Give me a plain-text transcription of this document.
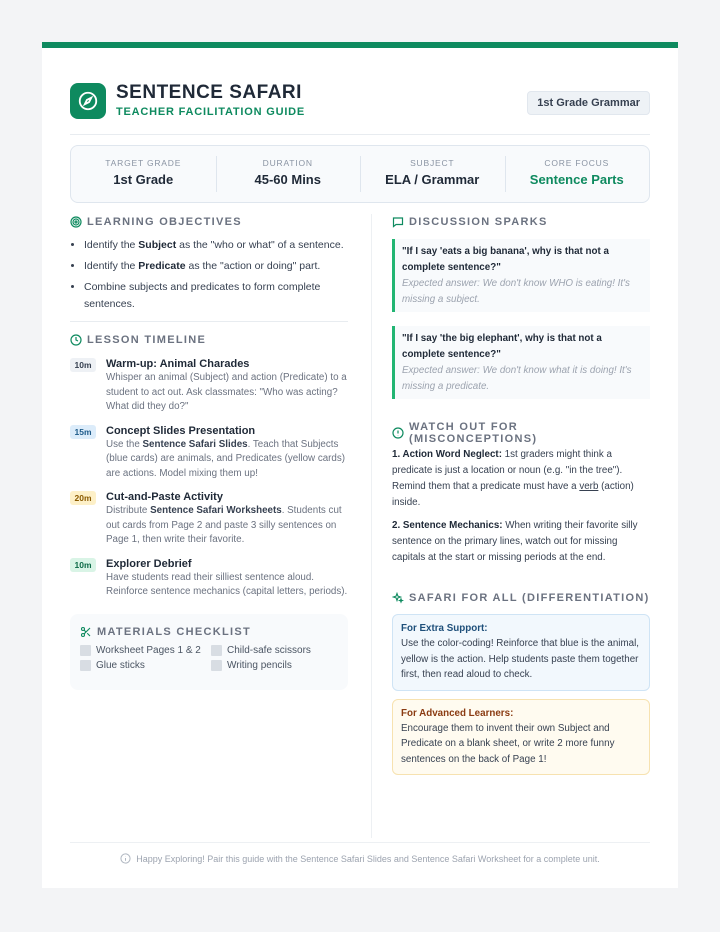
SENTENCE SAFARI
TEACHER FACILITATION GUIDE
1st Grade Grammar
TARGET GRADE
1st Grade
DURATION
45-60 Mins
SUBJECT
ELA / Grammar
CORE FOCUS
Sentence Parts
LEARNING OBJECTIVES
• Identify the Subject as the "who or what" of a sentence.
• Identify the Predicate as the "action or doing" part.
• Combine subjects and predicates to form complete sentences.
LESSON TIMELINE
10m	Warm-up: Animal Charades
Whisper an animal (Subject) and action (Predicate) to a student to act out. Ask classmates: "Who was acting? What did they do?"
15m	Concept Slides Presentation
Use the Sentence Safari Slides. Teach that Subjects (blue cards) are animals, and Predicates (yellow cards) are actions. Model mixing them up!
20m	Cut-and-Paste Activity
Distribute Sentence Safari Worksheets. Students cut out cards from Page 2 and paste 3 silly sentences on Page 1, then write their favorite.
10m	Explorer Debrief
Have students read their silliest sentence aloud. Reinforce sentence mechanics (capital letters, periods).
MATERIALS CHECKLIST
Worksheet Pages 1 & 2	Child-safe scissors
Glue sticks	Writing pencils
DISCUSSION SPARKS
"If I say 'eats a big banana', why is that not a complete sentence?"
Expected answer: We don't know WHO is eating! It's missing a subject.
"If I say 'the big elephant', why is that not a complete sentence?"
Expected answer: We don't know what it is doing! It's missing a predicate.
WATCH OUT FOR (MISCONCEPTIONS)
1. Action Word Neglect: 1st graders might think a predicate is just a location or noun (e.g. "in the tree"). Remind them that a predicate must have a verb (action) inside.
2. Sentence Mechanics: When writing their favorite silly sentence on the primary lines, watch out for missing capitals at the start or missing periods at the end.
SAFARI FOR ALL (DIFFERENTIATION)
For Extra Support:
Use the color-coding! Reinforce that blue is the animal, yellow is the action. Help students paste them together first, then read aloud to check.
For Advanced Learners:
Encourage them to invent their own Subject and Predicate on a blank sheet, or write 2 more funny sentences on the back of Page 1!
Happy Exploring! Pair this guide with the Sentence Safari Slides and Sentence Safari Worksheet for a complete unit.
